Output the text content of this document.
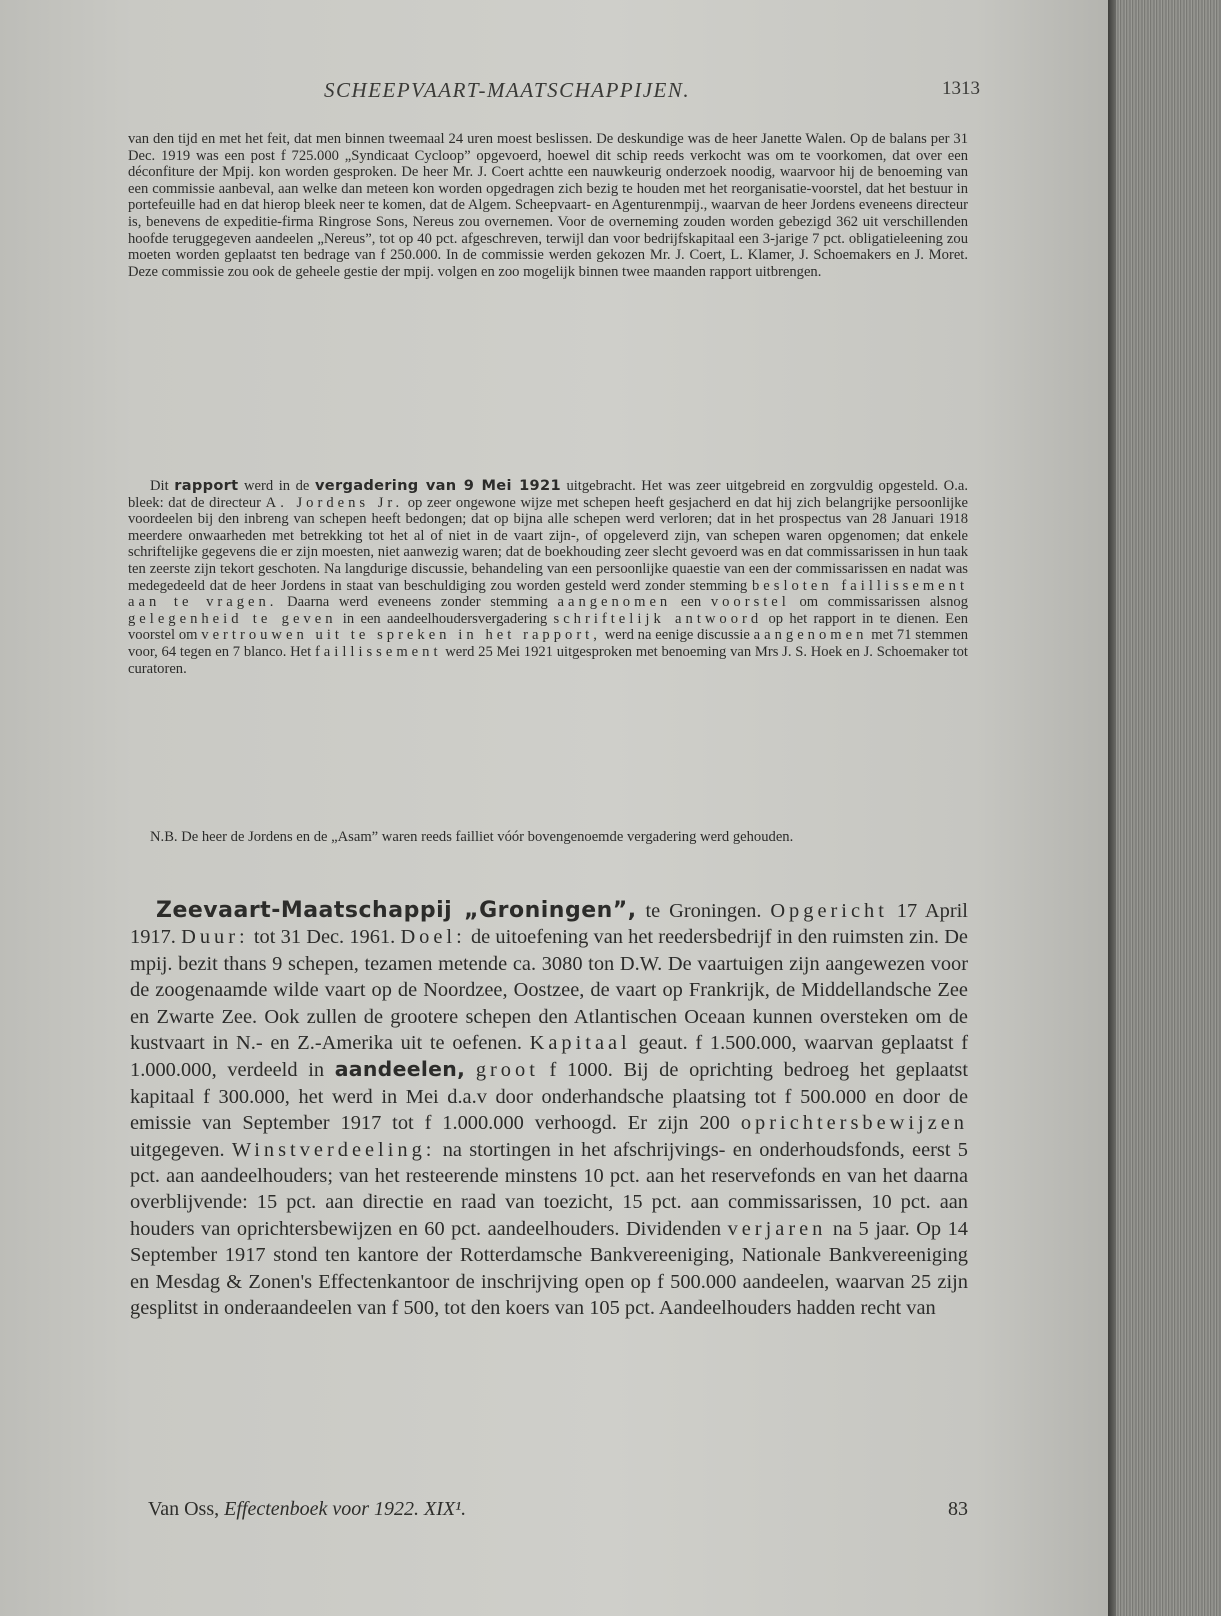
SCHEEPVAART-MAATSCHAPPIJEN.	1313

van den tijd en met het feit, dat men binnen tweemaal 24 uren moest beslissen. De deskundige was de heer Janette Walen. Op de balans per 31 Dec. 1919 was een post f 725.000 „Syndicaat Cycloop” opgevoerd, hoewel dit schip reeds verkocht was om te voorkomen, dat over een déconfiture der Mpij. kon worden gesproken. De heer Mr. J. Coert achtte een nauwkeurig onderzoek noodig, waarvoor hij de benoeming van een commissie aanbeval, aan welke dan meteen kon worden opgedragen zich bezig te houden met het reorganisatie-voorstel, dat het bestuur in portefeuille had en dat hierop bleek neer te komen, dat de Algem. Scheepvaart- en Agenturenmpij., waarvan de heer Jordens eveneens directeur is, benevens de expeditie-firma Ringrose Sons, Nereus zou overnemen. Voor de overneming zouden worden gebezigd 362 uit verschillenden hoofde teruggegeven aandeelen „Nereus”, tot op 40 pct. afgeschreven, terwijl dan voor bedrijfskapitaal een 3-jarige 7 pct. obligatieleening zou moeten worden geplaatst ten bedrage van f 250.000. In de commissie werden gekozen Mr. J. Coert, L. Klamer, J. Schoemakers en J. Moret. Deze commissie zou ook de geheele gestie der mpij. volgen en zoo mogelijk binnen twee maanden rapport uitbrengen.

Dit rapport werd in de vergadering van 9 Mei 1921 uitgebracht. Het was zeer uitgebreid en zorgvuldig opgesteld. O.a. bleek: dat de directeur A. Jordens Jr. op zeer ongewone wijze met schepen heeft gesjacherd en dat hij zich belangrijke persoonlijke voordeelen bij den inbreng van schepen heeft bedongen; dat op bijna alle schepen werd verloren; dat in het prospectus van 28 Januari 1918 meerdere onwaarheden met betrekking tot het al of niet in de vaart zijn-, of opgeleverd zijn, van schepen waren opgenomen; dat enkele schriftelijke gegevens die er zijn moesten, niet aanwezig waren; dat de boekhouding zeer slecht gevoerd was en dat commissarissen in hun taak ten zeerste zijn tekort geschoten. Na langdurige discussie, behandeling van een persoonlijke quaestie van een der commissarissen en nadat was medegedeeld dat de heer Jordens in staat van beschuldiging zou worden gesteld werd zonder stemming besloten faillissement aan te vragen. Daarna werd eveneens zonder stemming aangenomen een voorstel om commissarissen alsnog gelegenheid te geven in een aandeelhoudersvergadering schriftelijk antwoord op het rapport in te dienen. Een voorstel om vertrouwen uit te spreken in het rapport, werd na eenige discussie aangenomen met 71 stemmen voor, 64 tegen en 7 blanco. Het faillissement werd 25 Mei 1921 uitgesproken met benoeming van Mrs J. S. Hoek en J. Schoemaker tot curatoren.

N.B. De heer de Jordens en de „Asam” waren reeds failliet vóór bovengenoemde vergadering werd gehouden.

Zeevaart-Maatschappij „Groningen”, te Groningen. Opgericht 17 April 1917. Duur: tot 31 Dec. 1961. Doel: de uitoefening van het reedersbedrijf in den ruimsten zin. De mpij. bezit thans 9 schepen, tezamen metende ca. 3080 ton D.W. De vaartuigen zijn aangewezen voor de zoogenaamde wilde vaart op de Noordzee, Oostzee, de vaart op Frankrijk, de Middellandsche Zee en Zwarte Zee. Ook zullen de grootere schepen den Atlantischen Oceaan kunnen oversteken om de kustvaart in N.- en Z.-Amerika uit te oefenen. Kapitaal geaut. f 1.500.000, waarvan geplaatst f 1.000.000, verdeeld in aandeelen, groot f 1000. Bij de oprichting bedroeg het geplaatst kapitaal f 300.000, het werd in Mei d.a.v door onderhandsche plaatsing tot f 500.000 en door de emissie van September 1917 tot f 1.000.000 verhoogd. Er zijn 200 oprichtersbewijzen uitgegeven. Winstverdeeling: na stortingen in het afschrijvings- en onderhoudsfonds, eerst 5 pct. aan aandeelhouders; van het resteerende minstens 10 pct. aan het reservefonds en van het daarna overblijvende: 15 pct. aan directie en raad van toezicht, 15 pct. aan commissarissen, 10 pct. aan houders van oprichtersbewijzen en 60 pct. aandeelhouders. Dividenden verjaren na 5 jaar. Op 14 September 1917 stond ten kantore der Rotterdamsche Bankvereeniging, Nationale Bankvereeniging en Mesdag & Zonen's Effectenkantoor de inschrijving open op f 500.000 aandeelen, waarvan 25 zijn gesplitst in onderaandeelen van f 500, tot den koers van 105 pct. Aandeelhouders hadden recht van

Van Oss, Effectenboek voor 1922. XIX¹.	83
